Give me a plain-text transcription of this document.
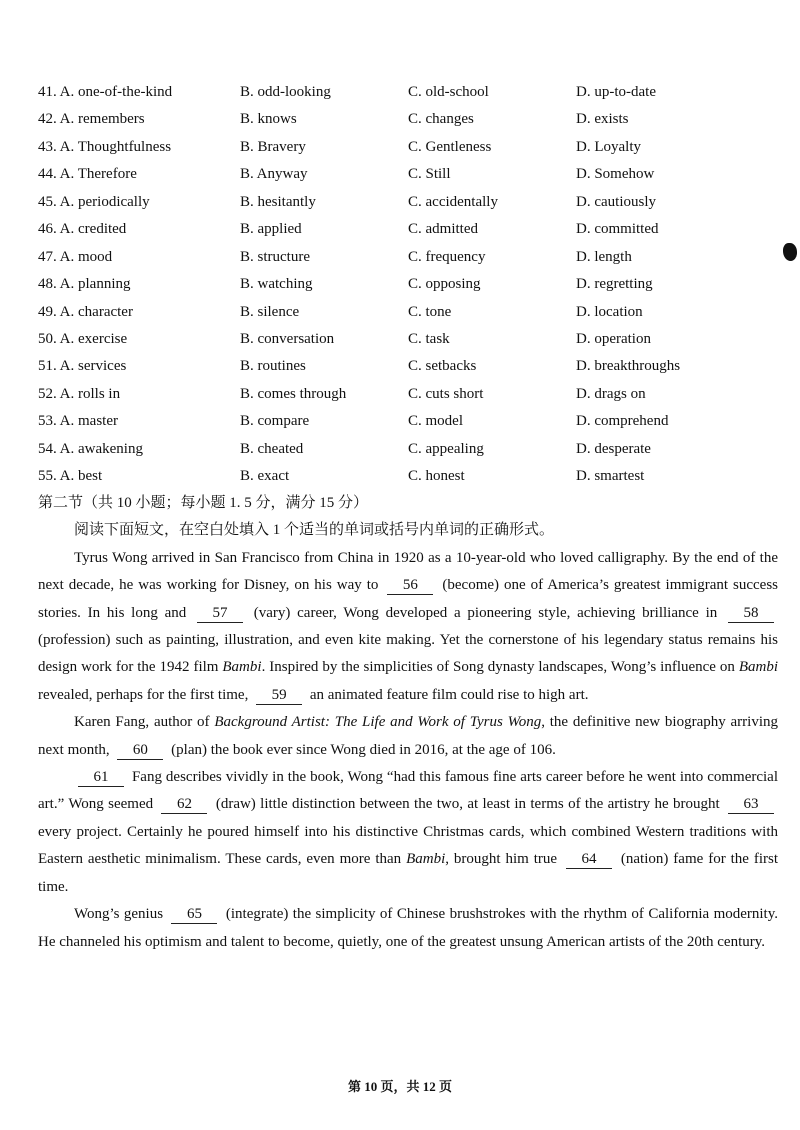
41. A. one-of-the-kind	B. odd-looking	C. old-school	D. up-to-date
42. A. remembers	B. knows	C. changes	D. exists
43. A. Thoughtfulness	B. Bravery	C. Gentleness	D. Loyalty
44. A. Therefore	B. Anyway	C. Still	D. Somehow
45. A. periodically	B. hesitantly	C. accidentally	D. cautiously
46. A. credited	B. applied	C. admitted	D. committed
47. A. mood	B. structure	C. frequency	D. length
48. A. planning	B. watching	C. opposing	D. regretting
49. A. character	B. silence	C. tone	D. location
50. A. exercise	B. conversation	C. task	D. operation
51. A. services	B. routines	C. setbacks	D. breakthroughs
52. A. rolls in	B. comes through	C. cuts short	D. drags on
53. A. master	B. compare	C. model	D. comprehend
54. A. awakening	B. cheated	C. appealing	D. desperate
55. A. best	B. exact	C. honest	D. smartest

第二节（共 10 小题；每小题 1. 5 分，满分 15 分）

阅读下面短文，在空白处填入 1 个适当的单词或括号内单词的正确形式。

Tyrus Wong arrived in San Francisco from China in 1920 as a 10-year-old who loved calligraphy. By the end of the next decade, he was working for Disney, on his way to 56 (become) one of America’s greatest immigrant success stories. In his long and 57 (vary) career, Wong developed a pioneering style, achieving brilliance in 58 (profession) such as painting, illustration, and even kite making. Yet the cornerstone of his legendary status remains his design work for the 1942 film Bambi. Inspired by the simplicities of Song dynasty landscapes, Wong’s influence on Bambi revealed, perhaps for the first time, 59 an animated feature film could rise to high art.

Karen Fang, author of Background Artist: The Life and Work of Tyrus Wong, the definitive new biography arriving next month, 60 (plan) the book ever since Wong died in 2016, at the age of 106.

61 Fang describes vividly in the book, Wong “had this famous fine arts career before he went into commercial art.” Wong seemed 62 (draw) little distinction between the two, at least in terms of the artistry he brought 63 every project. Certainly he poured himself into his distinctive Christmas cards, which combined Western traditions with Eastern aesthetic minimalism. These cards, even more than Bambi, brought him true 64 (nation) fame for the first time.

Wong’s genius 65 (integrate) the simplicity of Chinese brushstrokes with the rhythm of California modernity. He channeled his optimism and talent to become, quietly, one of the greatest unsung American artists of the 20th century.

第 10 页，共 12 页
